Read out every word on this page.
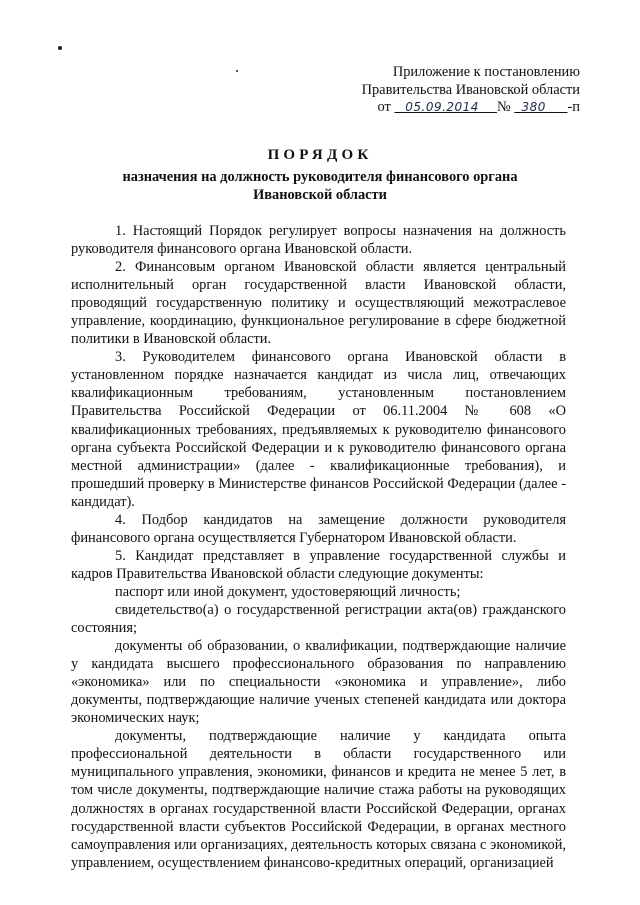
Приложение к постановлению
Правительства Ивановской области
от 05.09.2014 № 380 -п
ПОРЯДОК
назначения на должность руководителя финансового органа
Ивановской области

1. Настоящий Порядок регулирует вопросы назначения на должность руководителя финансового органа Ивановской области.

2. Финансовым органом Ивановской области является центральный исполнительный орган государственной власти Ивановской области, проводящий государственную политику и осуществляющий межотраслевое управление, координацию, функциональное регулирование в сфере бюджетной политики в Ивановской области.

3. Руководителем финансового органа Ивановской области в установленном порядке назначается кандидат из числа лиц, отвечающих квалификационным требованиям, установленным постановлением Правительства Российской Федерации от 06.11.2004 № 608 «О квалификационных требованиях, предъявляемых к руководителю финансового органа субъекта Российской Федерации и к руководителю финансового органа местной администрации» (далее - квалификационные требования), и прошедший проверку в Министерстве финансов Российской Федерации (далее - кандидат).

4. Подбор кандидатов на замещение должности руководителя финансового органа осуществляется Губернатором Ивановской области.

5. Кандидат представляет в управление государственной службы и кадров Правительства Ивановской области следующие документы:

паспорт или иной документ, удостоверяющий личность;

свидетельство(а) о государственной регистрации акта(ов) гражданского состояния;

документы об образовании, о квалификации, подтверждающие наличие у кандидата высшего профессионального образования по направлению «экономика» или по специальности «экономика и управление», либо документы, подтверждающие наличие ученых степеней кандидата или доктора экономических наук;

документы, подтверждающие наличие у кандидата опыта профессиональной деятельности в области государственного или муниципального управления, экономики, финансов и кредита не менее 5 лет, в том числе документы, подтверждающие наличие стажа работы на руководящих должностях в органах государственной власти Российской Федерации, органах государственной власти субъектов Российской Федерации, в органах местного самоуправления или организациях, деятельность которых связана с экономикой, управлением, осуществлением финансово-кредитных операций, организацией
